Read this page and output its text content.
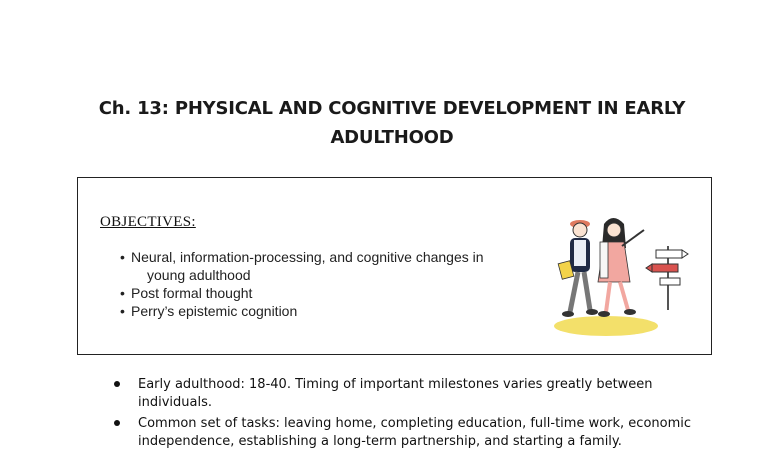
Ch. 13: PHYSICAL AND COGNITIVE DEVELOPMENT IN EARLY
ADULTHOOD
OBJECTIVES:
• Neural, information-processing, and cognitive changes in
young adulthood
• Post formal thought
• Perry’s epistemic cognition
Early adulthood: 18-40. Timing of important milestones varies greatly between individuals.
Common set of tasks: leaving home, completing education, full-time work, economic independence, establishing a long-term partnership, and starting a family.
